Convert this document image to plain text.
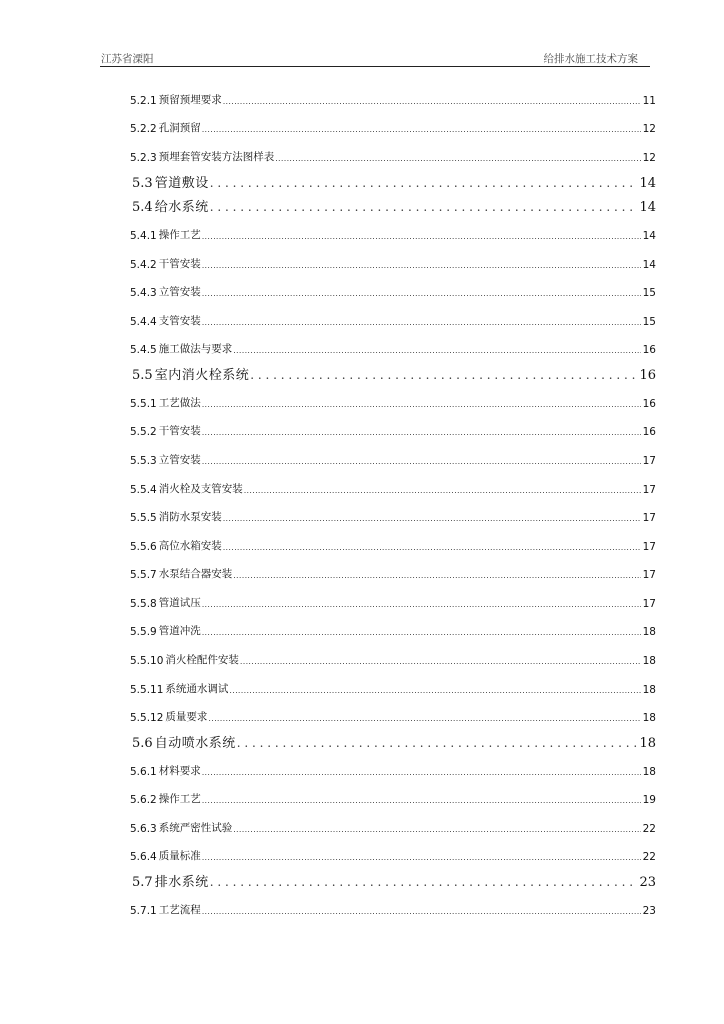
江苏省溧阳	给排水施工技术方案
5.2.1 预留预埋要求 .....	11
5.2.2 孔洞预留 .....	12
5.2.3 预埋套管安装方法图样表 .....	12
5.3 管道敷设 . . .	14
5.4 给水系统 . . .	14
5.4.1 操作工艺 .....	14
5.4.2 干管安装 .....	14
5.4.3 立管安装 .....	15
5.4.4 支管安装 .....	15
5.4.5 施工做法与要求 .....	16
5.5 室内消火栓系统 . . .	16
5.5.1 工艺做法 .....	16
5.5.2 干管安装 .....	16
5.5.3 立管安装 .....	17
5.5.4 消火栓及支管安装 .....	17
5.5.5 消防水泵安装 .....	17
5.5.6 高位水箱安装 .....	17
5.5.7 水泵结合器安装 .....	17
5.5.8 管道试压 .....	17
5.5.9 管道冲洗 .....	18
5.5.10 消火栓配件安装 .....	18
5.5.11 系统通水调试 .....	18
5.5.12 质量要求 .....	18
5.6 自动喷水系统 . . .	18
5.6.1 材料要求 .....	18
5.6.2 操作工艺 .....	19
5.6.3 系统严密性试验 .....	22
5.6.4 质量标准 .....	22
5.7 排水系统 . . .	23
5.7.1 工艺流程 .....	23
